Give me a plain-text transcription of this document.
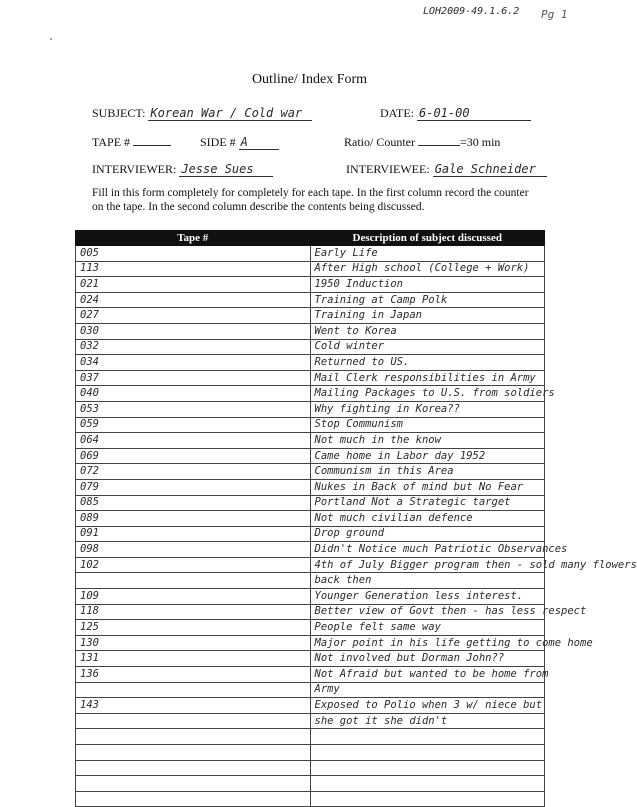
LOH2009-49.1.6.2 Pg 1
Outline/ Index Form
SUBJECT: Korean War / Cold war	DATE: 6-01-00
TAPE #	SIDE # A	Ratio/ Counter	=30 min
INTERVIEWER: Jesse Sues	INTERVIEWEE: Gale Schneider
Fill in this form completely for completely for each tape. In the first column record the counter on the tape. In the second column describe the contents being discussed.
Tape #	Description of subject discussed
005	Early Life
113	After High school (College + Work)
021	1950 Induction
024	Training at Camp Polk
027	Training in Japan
030	Went to Korea
032	Cold winter
034	Returned to US.
037	Mail Clerk responsibilities in Army
040	Mailing Packages to U.S. from soldiers
053	Why fighting in Korea??
059	Stop Communism
064	Not much in the know
069	Came home in Labor day 1952
072	Communism in this Area
079	Nukes in Back of mind but No Fear
085	Portland Not a Strategic target
089	Not much civilian defence
091	Drop ground
098	Didn't Notice much Patriotic Observances
102	4th of July Bigger program then - sold many flowers
	back then
109	Younger Generation less interest.
118	Better view of Govt then - has less respect
125	People felt same way
130	Major point in his life getting to come home
131	Not involved but Dorman John??
136	Not Afraid but wanted to be home from
	Army
143	Exposed to Polio when 3 w/ niece but
	she got it she didn't
